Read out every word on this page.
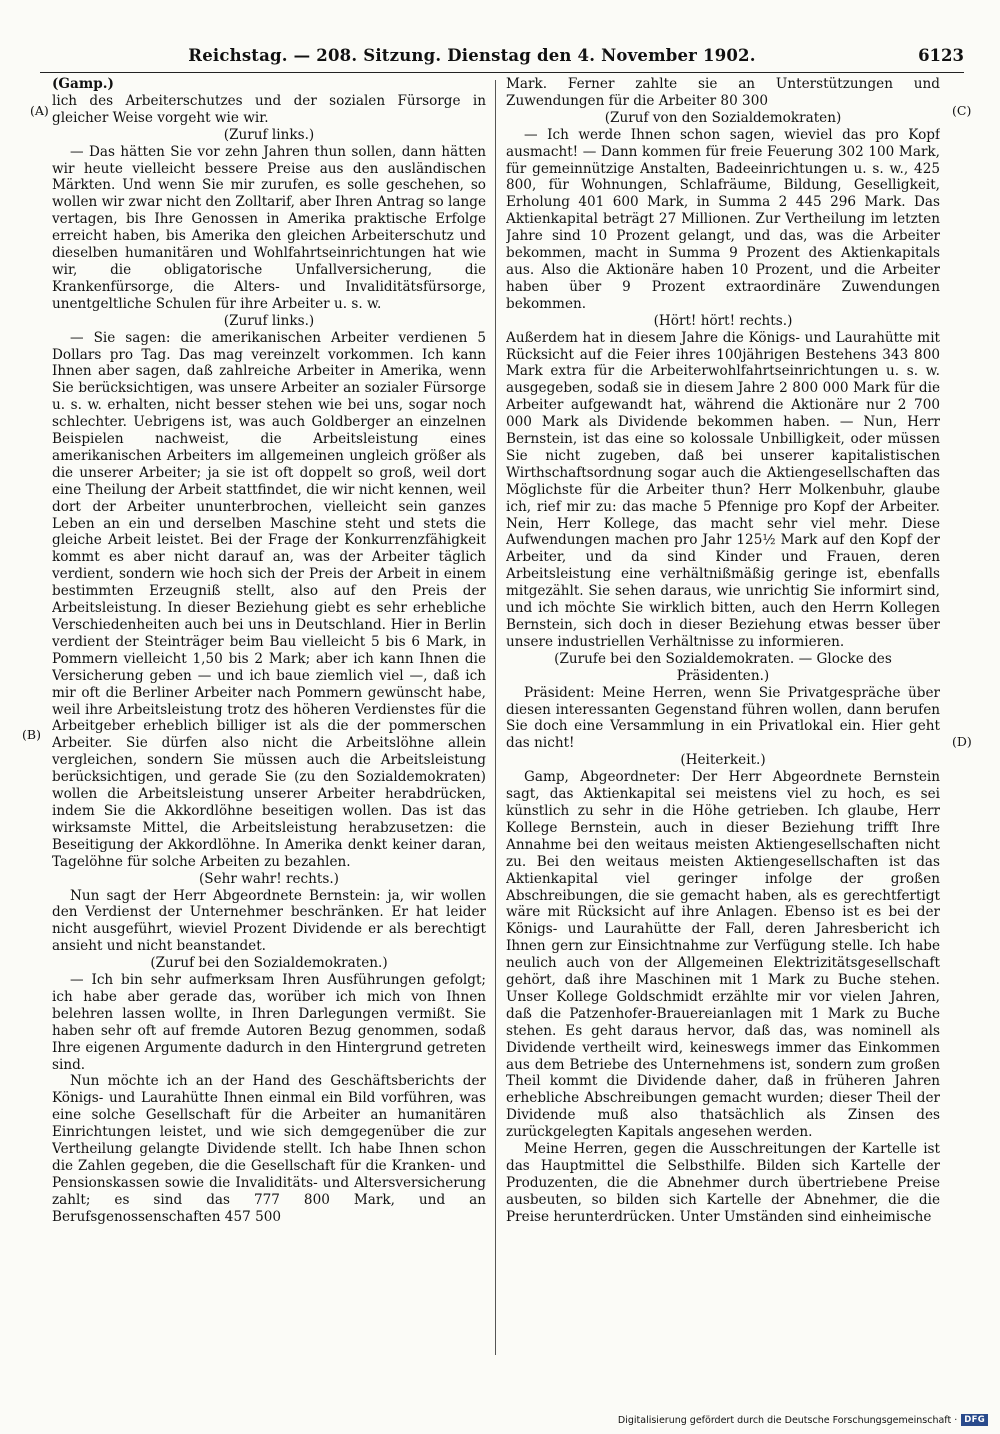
Reichstag. — 208. Sitzung. Dienstag den 4. November 1902.	6123
(A)
(B)
(C)
(D)

(Gamp.)

lich des Arbeiterschutzes und der sozialen Fürsorge in gleicher Weise vorgeht wie wir.

(Zuruf links.)

— Das hätten Sie vor zehn Jahren thun sollen, dann hätten wir heute vielleicht bessere Preise aus den ausländischen Märkten. Und wenn Sie mir zurufen, es solle geschehen, so wollen wir zwar nicht den Zolltarif, aber Ihren Antrag so lange vertagen, bis Ihre Genossen in Amerika praktische Erfolge erreicht haben, bis Amerika den gleichen Arbeiterschutz und dieselben humanitären und Wohlfahrtseinrichtungen hat wie wir, die obligatorische Unfallversicherung, die Krankenfürsorge, die Alters- und Invaliditätsfürsorge, unentgeltliche Schulen für ihre Arbeiter u. s. w.

(Zuruf links.)

— Sie sagen: die amerikanischen Arbeiter verdienen 5 Dollars pro Tag. Das mag vereinzelt vorkommen. Ich kann Ihnen aber sagen, daß zahlreiche Arbeiter in Amerika, wenn Sie berücksichtigen, was unsere Arbeiter an sozialer Fürsorge u. s. w. erhalten, nicht besser stehen wie bei uns, sogar noch schlechter. Uebrigens ist, was auch Goldberger an einzelnen Beispielen nachweist, die Arbeitsleistung eines amerikanischen Arbeiters im allgemeinen ungleich größer als die unserer Arbeiter; ja sie ist oft doppelt so groß, weil dort eine Theilung der Arbeit stattfindet, die wir nicht kennen, weil dort der Arbeiter ununterbrochen, vielleicht sein ganzes Leben an ein und derselben Maschine steht und stets die gleiche Arbeit leistet. Bei der Frage der Konkurrenzfähigkeit kommt es aber nicht darauf an, was der Arbeiter täglich verdient, sondern wie hoch sich der Preis der Arbeit in einem bestimmten Erzeugniß stellt, also auf den Preis der Arbeitsleistung. In dieser Beziehung giebt es sehr erhebliche Verschiedenheiten auch bei uns in Deutschland. Hier in Berlin verdient der Steinträger beim Bau vielleicht 5 bis 6 Mark, in Pommern vielleicht 1,50 bis 2 Mark; aber ich kann Ihnen die Versicherung geben — und ich baue ziemlich viel —, daß ich mir oft die Berliner Arbeiter nach Pommern gewünscht habe, weil ihre Arbeitsleistung trotz des höheren Verdienstes für die Arbeitgeber erheblich billiger ist als die der pommerschen Arbeiter. Sie dürfen also nicht die Arbeitslöhne allein vergleichen, sondern Sie müssen auch die Arbeitsleistung berücksichtigen, und gerade Sie (zu den Sozialdemokraten) wollen die Arbeitsleistung unserer Arbeiter herabdrücken, indem Sie die Akkordlöhne beseitigen wollen. Das ist das wirksamste Mittel, die Arbeitsleistung herabzusetzen: die Beseitigung der Akkordlöhne. In Amerika denkt keiner daran, Tagelöhne für solche Arbeiten zu bezahlen.

(Sehr wahr! rechts.)

Nun sagt der Herr Abgeordnete Bernstein: ja, wir wollen den Verdienst der Unternehmer beschränken. Er hat leider nicht ausgeführt, wieviel Prozent Dividende er als berechtigt ansieht und nicht beanstandet.

(Zuruf bei den Sozialdemokraten.)

— Ich bin sehr aufmerksam Ihren Ausführungen gefolgt; ich habe aber gerade das, worüber ich mich von Ihnen belehren lassen wollte, in Ihren Darlegungen vermißt. Sie haben sehr oft auf fremde Autoren Bezug genommen, sodaß Ihre eigenen Argumente dadurch in den Hintergrund getreten sind.

Nun möchte ich an der Hand des Geschäftsberichts der Königs- und Laurahütte Ihnen einmal ein Bild vorführen, was eine solche Gesellschaft für die Arbeiter an humanitären Einrichtungen leistet, und wie sich demgegenüber die zur Vertheilung gelangte Dividende stellt. Ich habe Ihnen schon die Zahlen gegeben, die die Gesellschaft für die Kranken- und Pensionskassen sowie die Invaliditäts- und Altersversicherung zahlt; es sind das 777 800 Mark, und an Berufsgenossenschaften 457 500

Mark. Ferner zahlte sie an Unterstützungen und Zuwendungen für die Arbeiter 80 300

(Zuruf von den Sozialdemokraten)

— Ich werde Ihnen schon sagen, wieviel das pro Kopf ausmacht! — Dann kommen für freie Feuerung 302 100 Mark, für gemeinnützige Anstalten, Badeeinrichtungen u. s. w., 425 800, für Wohnungen, Schlafräume, Bildung, Geselligkeit, Erholung 401 600 Mark, in Summa 2 445 296 Mark. Das Aktienkapital beträgt 27 Millionen. Zur Vertheilung im letzten Jahre sind 10 Prozent gelangt, und das, was die Arbeiter bekommen, macht in Summa 9 Prozent des Aktienkapitals aus. Also die Aktionäre haben 10 Prozent, und die Arbeiter haben über 9 Prozent extraordinäre Zuwendungen bekommen.

(Hört! hört! rechts.)

Außerdem hat in diesem Jahre die Königs- und Laurahütte mit Rücksicht auf die Feier ihres 100jährigen Bestehens 343 800 Mark extra für die Arbeiterwohlfahrtseinrichtungen u. s. w. ausgegeben, sodaß sie in diesem Jahre 2 800 000 Mark für die Arbeiter aufgewandt hat, während die Aktionäre nur 2 700 000 Mark als Dividende bekommen haben. — Nun, Herr Bernstein, ist das eine so kolossale Unbilligkeit, oder müssen Sie nicht zugeben, daß bei unserer kapitalistischen Wirthschaftsordnung sogar auch die Aktiengesellschaften das Möglichste für die Arbeiter thun? Herr Molkenbuhr, glaube ich, rief mir zu: das mache 5 Pfennige pro Kopf der Arbeiter. Nein, Herr Kollege, das macht sehr viel mehr. Diese Aufwendungen machen pro Jahr 125½ Mark auf den Kopf der Arbeiter, und da sind Kinder und Frauen, deren Arbeitsleistung eine verhältnißmäßig geringe ist, ebenfalls mitgezählt. Sie sehen daraus, wie unrichtig Sie informirt sind, und ich möchte Sie wirklich bitten, auch den Herrn Kollegen Bernstein, sich doch in dieser Beziehung etwas besser über unsere industriellen Verhältnisse zu informieren.

(Zurufe bei den Sozialdemokraten. — Glocke des Präsidenten.)

Präsident: Meine Herren, wenn Sie Privatgespräche über diesen interessanten Gegenstand führen wollen, dann berufen Sie doch eine Versammlung in ein Privatlokal ein. Hier geht das nicht!

(Heiterkeit.)

Gamp, Abgeordneter: Der Herr Abgeordnete Bernstein sagt, das Aktienkapital sei meistens viel zu hoch, es sei künstlich zu sehr in die Höhe getrieben. Ich glaube, Herr Kollege Bernstein, auch in dieser Beziehung trifft Ihre Annahme bei den weitaus meisten Aktiengesellschaften nicht zu. Bei den weitaus meisten Aktiengesellschaften ist das Aktienkapital viel geringer infolge der großen Abschreibungen, die sie gemacht haben, als es gerechtfertigt wäre mit Rücksicht auf ihre Anlagen. Ebenso ist es bei der Königs- und Laurahütte der Fall, deren Jahresbericht ich Ihnen gern zur Einsichtnahme zur Verfügung stelle. Ich habe neulich auch von der Allgemeinen Elektrizitätsgesellschaft gehört, daß ihre Maschinen mit 1 Mark zu Buche stehen. Unser Kollege Goldschmidt erzählte mir vor vielen Jahren, daß die Patzenhofer-Brauereianlagen mit 1 Mark zu Buche stehen. Es geht daraus hervor, daß das, was nominell als Dividende vertheilt wird, keineswegs immer das Einkommen aus dem Betriebe des Unternehmens ist, sondern zum großen Theil kommt die Dividende daher, daß in früheren Jahren erhebliche Abschreibungen gemacht wurden; dieser Theil der Dividende muß also thatsächlich als Zinsen des zurückgelegten Kapitals angesehen werden.

Meine Herren, gegen die Ausschreitungen der Kartelle ist das Hauptmittel die Selbsthilfe. Bilden sich Kartelle der Produzenten, die die Abnehmer durch übertriebene Preise ausbeuten, so bilden sich Kartelle der Abnehmer, die die Preise herunterdrücken. Unter Umständen sind einheimische

Digitalisierung gefördert durch die Deutsche Forschungsgemeinschaft · DFG
